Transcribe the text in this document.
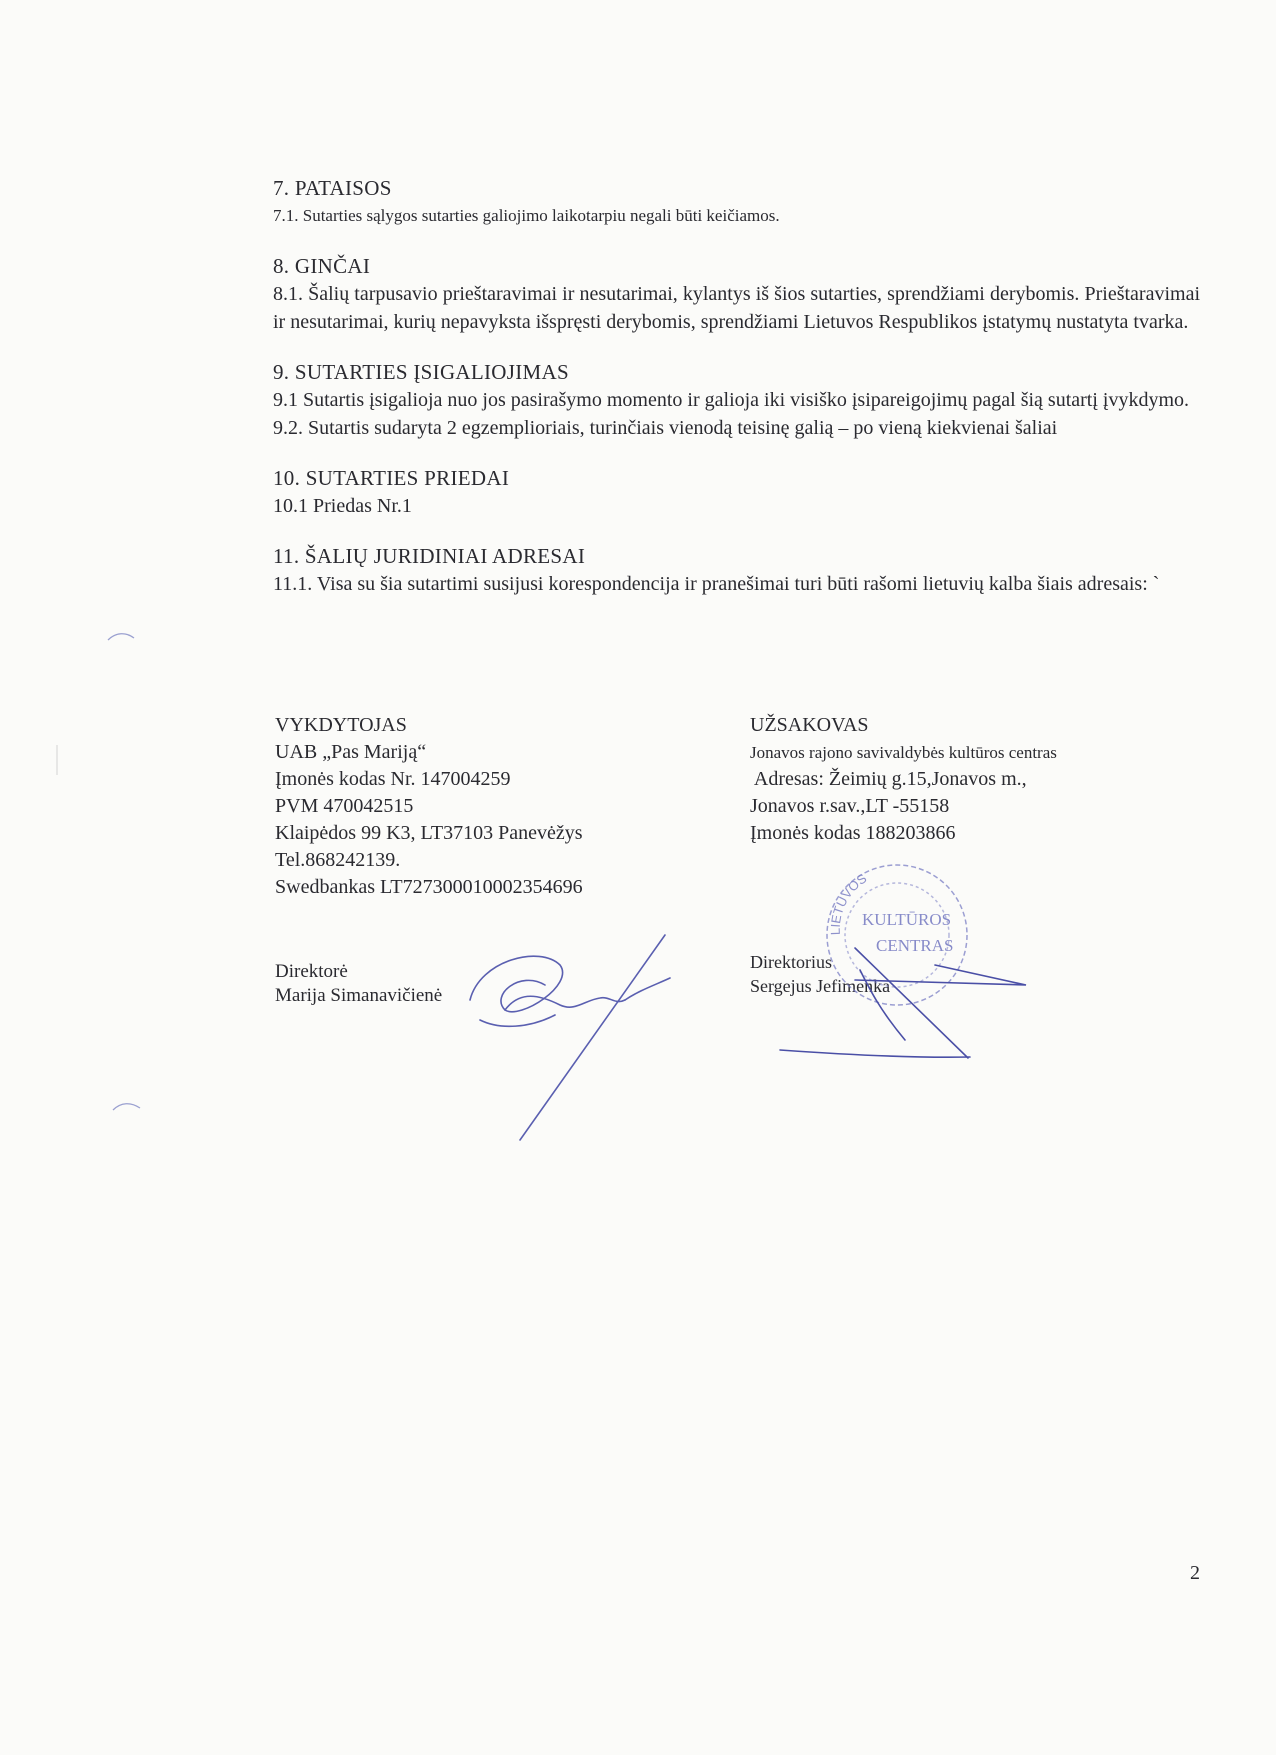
7. PATAISOS
7.1. Sutarties sąlygos sutarties galiojimo laikotarpiu negali būti keičiamos.
8. GINČAI
8.1. Šalių tarpusavio prieštaravimai ir nesutarimai, kylantys iš šios sutarties, sprendžiami derybomis. Prieštaravimai ir nesutarimai, kurių nepavyksta išspręsti derybomis, sprendžiami Lietuvos Respublikos įstatymų nustatyta tvarka.
9. SUTARTIES ĮSIGALIOJIMAS
9.1 Sutartis įsigalioja nuo jos pasirašymo momento ir galioja iki visiško įsipareigojimų pagal šią sutartį įvykdymo.
9.2. Sutartis sudaryta 2 egzemplioriais, turinčiais vienodą teisinę galią – po vieną kiekvienai šaliai
10. SUTARTIES PRIEDAI
10.1 Priedas Nr.1
11. ŠALIŲ JURIDINIAI ADRESAI
11.1. Visa su šia sutartimi susijusi korespondencija ir pranešimai turi būti rašomi lietuvių kalba šiais adresais: `
VYKDYTOJAS
UAB „Pas Mariją“
Įmonės kodas Nr. 147004259
PVM 470042515
Klaipėdos 99 K3, LT37103 Panevėžys
Tel.868242139.
Swedbankas LT727300010002354696
UŽSAKOVAS
Jonavos rajono savivaldybės kultūros centras
Adresas: Žeimių g.15,Jonavos m.,
Jonavos r.sav.,LT -55158
Įmonės kodas 188203866
Direktorė
Marija Simanavičienė
Direktorius
Sergejus Jefimenka
LIETUVOS
KULTŪROS
CENTRAS
2
